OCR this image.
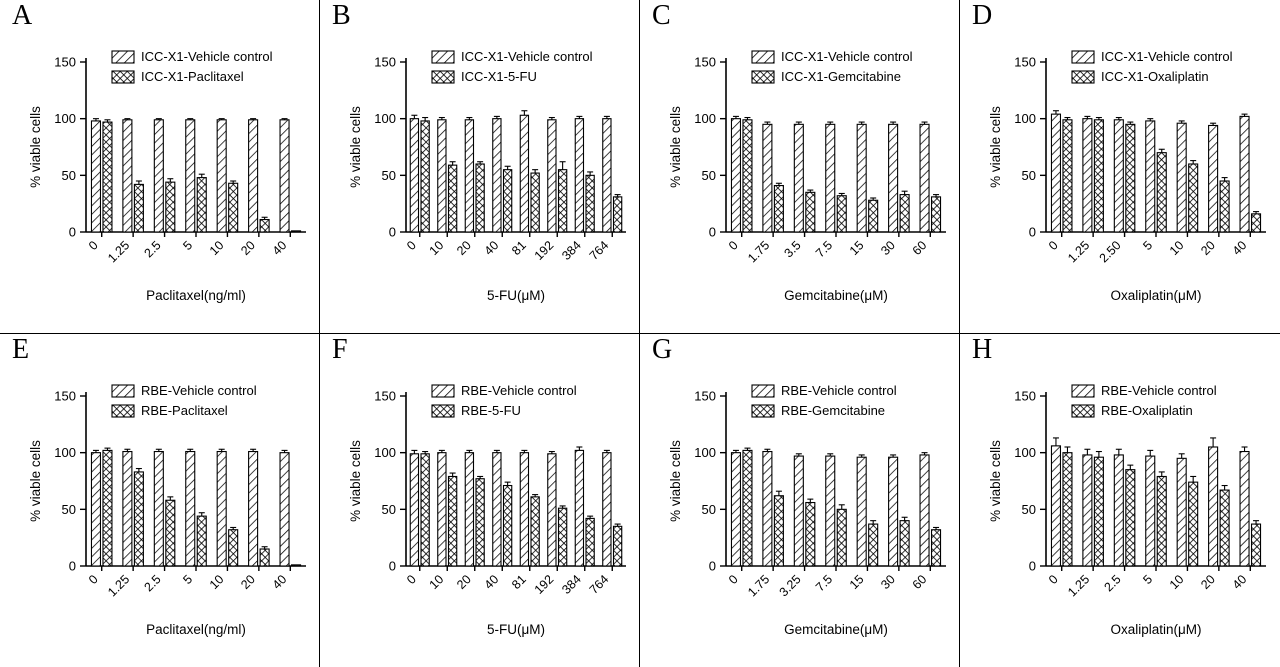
A
0
50
100
150
% viable cells
0 1.25 2.5 5 10 20 40
Paclitaxel(ng/ml)
ICC-X1-Vehicle control
ICC-X1-Paclitaxel
B
0
50
100
150
% viable cells
0 10 20 40 81 192 384 764
5-FU(μM)
ICC-X1-Vehicle control
ICC-X1-5-FU
C
0
50
100
150
% viable cells
0 1.75 3.5 7.5 15 30 60
Gemcitabine(μM)
ICC-X1-Vehicle control
ICC-X1-Gemcitabine
D
0
50
100
150
% viable cells
0 1.25 2.50 5 10 20 40
Oxaliplatin(μM)
ICC-X1-Vehicle control
ICC-X1-Oxaliplatin
E
0
50
100
150
% viable cells
0 1.25 2.5 5 10 20 40
Paclitaxel(ng/ml)
RBE-Vehicle control
RBE-Paclitaxel
F
0
50
100
150
% viable cells
0 10 20 40 81 192 384 764
5-FU(μM)
RBE-Vehicle control
RBE-5-FU
G
0
50
100
150
% viable cells
0 1.75 3.25 7.5 15 30 60
Gemcitabine(μM)
RBE-Vehicle control
RBE-Gemcitabine
H
0
50
100
150
% viable cells
0 1.25 2.5 5 10 20 40
Oxaliplatin(μM)
RBE-Vehicle control
RBE-Oxaliplatin
